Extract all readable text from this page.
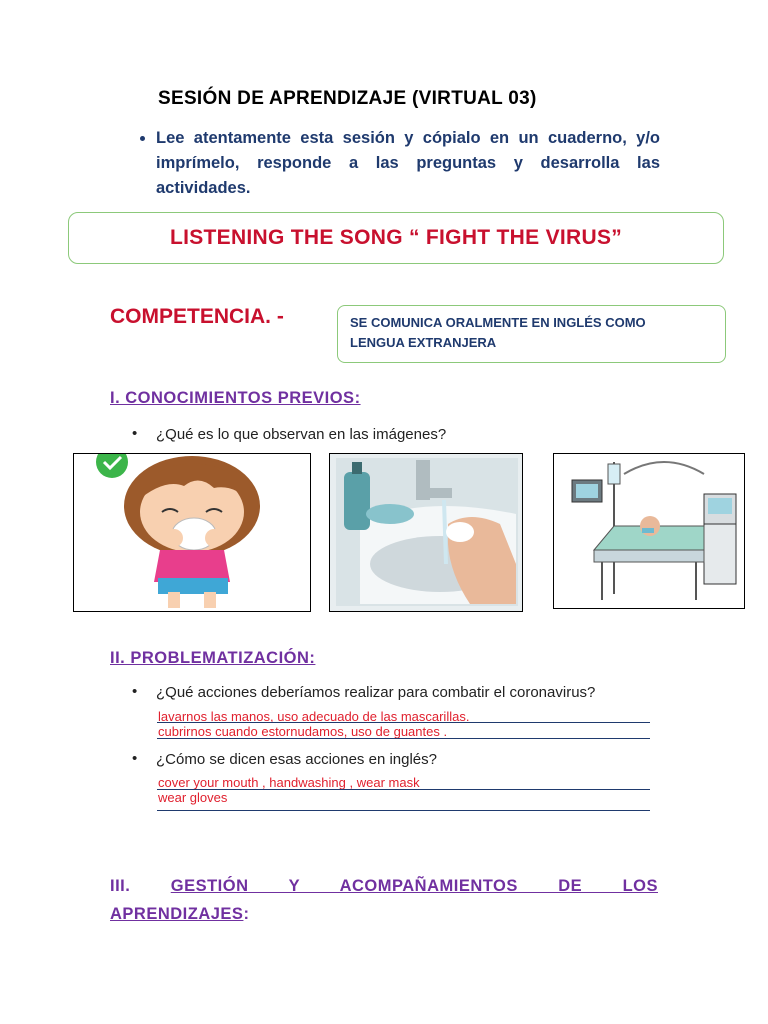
SESIÓN DE APRENDIZAJE (VIRTUAL 03)
• Lee atentamente esta sesión y cópialo en un cuaderno, y/o imprímelo, responde a las preguntas y desarrolla las actividades.
LISTENING THE SONG “ FIGHT THE VIRUS”
COMPETENCIA. -	SE COMUNICA ORALMENTE EN INGLÉS COMO
LENGUA EXTRANJERA
I. CONOCIMIENTOS PREVIOS:
• ¿Qué es lo que observan en las imágenes?
II. PROBLEMATIZACIÓN:
• ¿Qué acciones deberíamos realizar para combatir el coronavirus?
lavarnos las manos, uso adecuado de las mascarillas.
cubrirnos cuando estornudamos, uso de guantes .
• ¿Cómo se dicen esas acciones en inglés?
cover your mouth , handwashing , wear mask
wear gloves
III. GESTIÓN Y ACOMPAÑAMIENTOS DE LOS
APRENDIZAJES:
